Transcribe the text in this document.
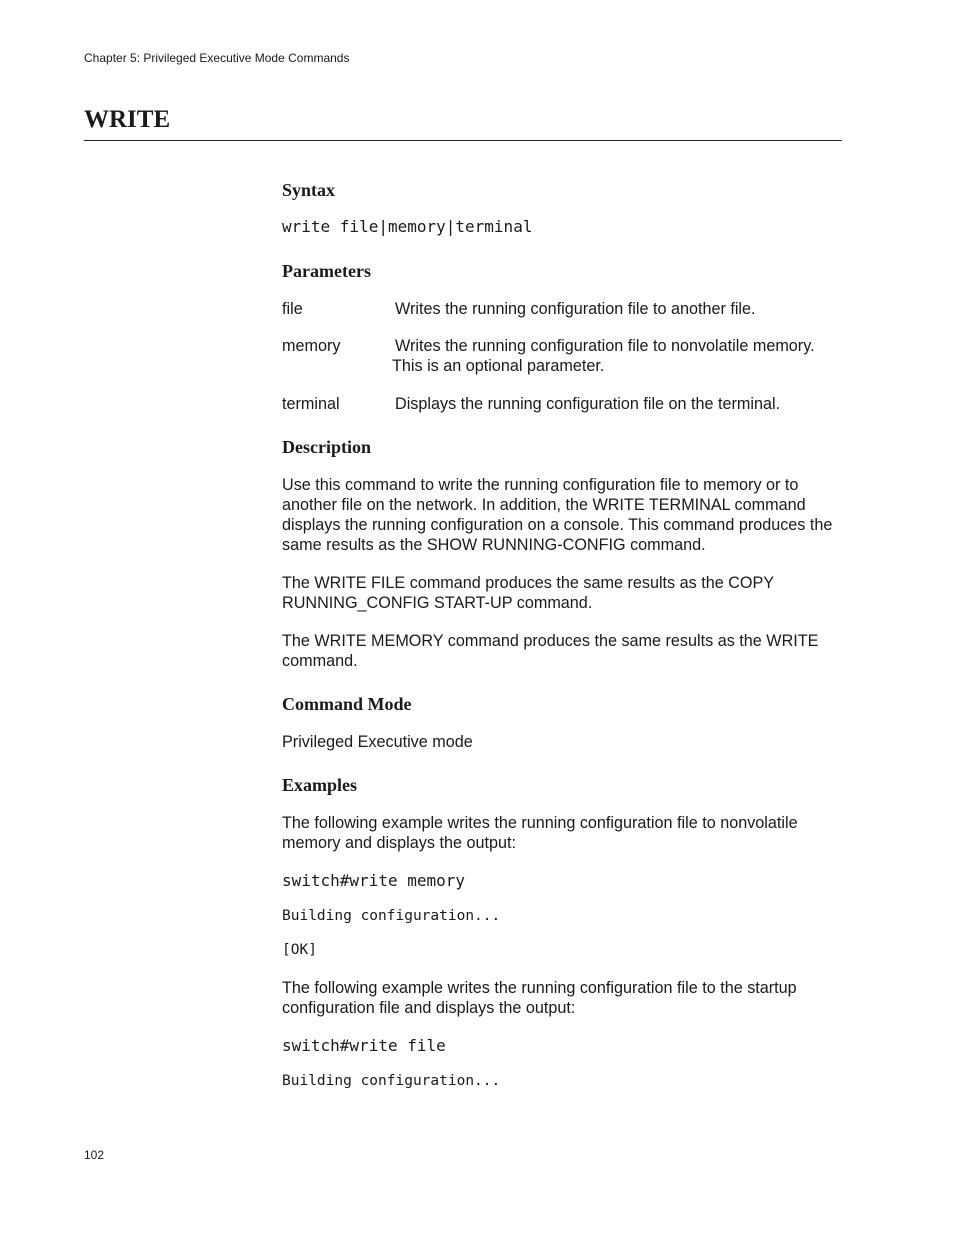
Chapter 5: Privileged Executive Mode Commands
WRITE
Syntax
write file|memory|terminal
Parameters
file	Writes the running configuration file to another file.
memory	Writes the running configuration file to nonvolatile memory.
This is an optional parameter.
terminal	Displays the running configuration file on the terminal.
Description
Use this command to write the running configuration file to memory or to another file on the network. In addition, the WRITE TERMINAL command displays the running configuration on a console. This command produces the same results as the SHOW RUNNING-CONFIG command.
The WRITE FILE command produces the same results as the COPY RUNNING_CONFIG START-UP command.
The WRITE MEMORY command produces the same results as the WRITE command.
Command Mode
Privileged Executive mode
Examples
The following example writes the running configuration file to nonvolatile memory and displays the output:
switch#write memory
Building configuration...
[OK]
The following example writes the running configuration file to the startup configuration file and displays the output:
switch#write file
Building configuration...
102
